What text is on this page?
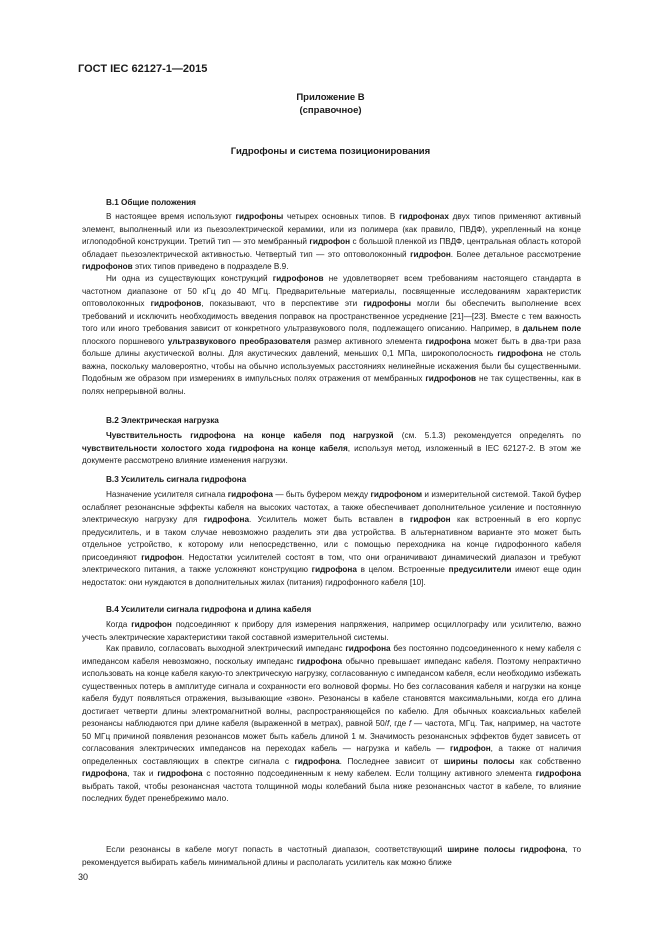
ГОСТ IEC 62127-1—2015
Приложение В
(справочное)
Гидрофоны и система позиционирования
В.1 Общие положения
В настоящее время используют гидрофоны четырех основных типов. В гидрофонах двух типов применяют активный элемент, выполненный или из пьезоэлектрической керамики, или из полимера (как правило, ПВДФ), укрепленный на конце иглоподобной конструкции. Третий тип — это мембранный гидрофон с большой пленкой из ПВДФ, центральная область которой обладает пьезоэлектрической активностью. Четвертый тип — это оптоволоконный гидрофон. Более детальное рассмотрение гидрофонов этих типов приведено в подразделе В.9.
Ни одна из существующих конструкций гидрофонов не удовлетворяет всем требованиям настоящего стандарта в частотном диапазоне от 50 кГц до 40 МГц. Предварительные материалы, посвященные исследованиям характеристик оптоволоконных гидрофонов, показывают, что в перспективе эти гидрофоны могли бы обеспечить выполнение всех требований и исключить необходимость введения поправок на пространственное усреднение [21]—[23]. Вместе с тем важность того или иного требования зависит от конкретного ультразвукового поля, подлежащего описанию. Например, в дальнем поле плоского поршневого ультразвукового преобразователя размер активного элемента гидрофона может быть в два-три раза больше длины акустической волны. Для акустических давлений, меньших 0,1 МПа, широкополосность гидрофона не столь важна, поскольку маловероятно, чтобы на обычно используемых расстояниях нелинейные искажения были бы существенными. Подобным же образом при измерениях в импульсных полях отражения от мембранных гидрофонов не так существенны, как в полях непрерывной волны.
В.2 Электрическая нагрузка
Чувствительность гидрофона на конце кабеля под нагрузкой (см. 5.1.3) рекомендуется определять по чувствительности холостого хода гидрофона на конце кабеля, используя метод, изложенный в IEC 62127-2. В этом же документе рассмотрено влияние изменения нагрузки.
В.3 Усилитель сигнала гидрофона
Назначение усилителя сигнала гидрофона — быть буфером между гидрофоном и измерительной системой. Такой буфер ослабляет резонансные эффекты кабеля на высоких частотах, а также обеспечивает дополнительное усиление и постоянную электрическую нагрузку для гидрофона. Усилитель может быть вставлен в гидрофон как встроенный в его корпус предусилитель, и в таком случае невозможно разделить эти два устройства. В альтернативном варианте это может быть отдельное устройство, к которому или непосредственно, или с помощью переходника на конце гидрофонного кабеля присоединяют гидрофон. Недостатки усилителей состоят в том, что они ограничивают динамический диапазон и требуют электрического питания, а также усложняют конструкцию гидрофона в целом. Встроенные предусилители имеют еще один недостаток: они нуждаются в дополнительных жилах (питания) гидрофонного кабеля [10].
В.4 Усилители сигнала гидрофона и длина кабеля
Когда гидрофон подсоединяют к прибору для измерения напряжения, например осциллографу или усилителю, важно учесть электрические характеристики такой составной измерительной системы.
Как правило, согласовать выходной электрический импеданс гидрофона без постоянно подсоединенного к нему кабеля с импедансом кабеля невозможно, поскольку импеданс гидрофона обычно превышает импеданс кабеля. Поэтому непрактично использовать на конце кабеля какую-то электрическую нагрузку, согласованную с импедансом кабеля, если необходимо избежать существенных потерь в амплитуде сигнала и сохранности его волновой формы. Но без согласования кабеля и нагрузки на конце кабеля будут появляться отражения, вызывающие «звон». Резонансы в кабеле становятся максимальными, когда его длина достигает четверти длины электромагнитной волны, распространяющейся по кабелю. Для обычных коаксиальных кабелей резонансы наблюдаются при длине кабеля (выраженной в метрах), равной 50/f, где f — частота, МГц. Так, например, на частоте 50 МГц причиной появления резонансов может быть кабель длиной 1 м. Значимость резонансных эффектов будет зависеть от согласования электрических импедансов на переходах кабель — нагрузка и кабель — гидрофон, а также от наличия определенных составляющих в спектре сигнала с гидрофона. Последнее зависит от ширины полосы как собственно гидрофона, так и гидрофона с постоянно подсоединенным к нему кабелем. Если толщину активного элемента гидрофона выбрать такой, чтобы резонансная частота толщинной моды колебаний была ниже резонансных частот в кабеле, то влияние последних будет пренебрежимо мало.
Если резонансы в кабеле могут попасть в частотный диапазон, соответствующий ширине полосы гидрофона, то рекомендуется выбирать кабель минимальной длины и располагать усилитель как можно ближе
30
